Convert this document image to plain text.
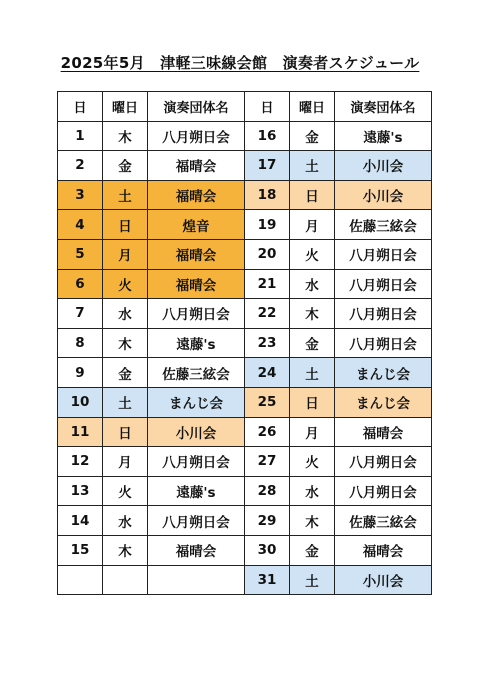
2025年5月　津軽三味線会館　演奏者スケジュール
日	曜日	演奏団体名	日	曜日	演奏団体名
1	木	八月朔日会	16	金	遠藤's
2	金	福晴会	17	土	小川会
3	土	福晴会	18	日	小川会
4	日	煌音	19	月	佐藤三絃会
5	月	福晴会	20	火	八月朔日会
6	火	福晴会	21	水	八月朔日会
7	水	八月朔日会	22	木	八月朔日会
8	木	遠藤's	23	金	八月朔日会
9	金	佐藤三絃会	24	土	まんじ会
10	土	まんじ会	25	日	まんじ会
11	日	小川会	26	月	福晴会
12	月	八月朔日会	27	火	八月朔日会
13	火	遠藤's	28	水	八月朔日会
14	水	八月朔日会	29	木	佐藤三絃会
15	木	福晴会	30	金	福晴会
			31	土	小川会
